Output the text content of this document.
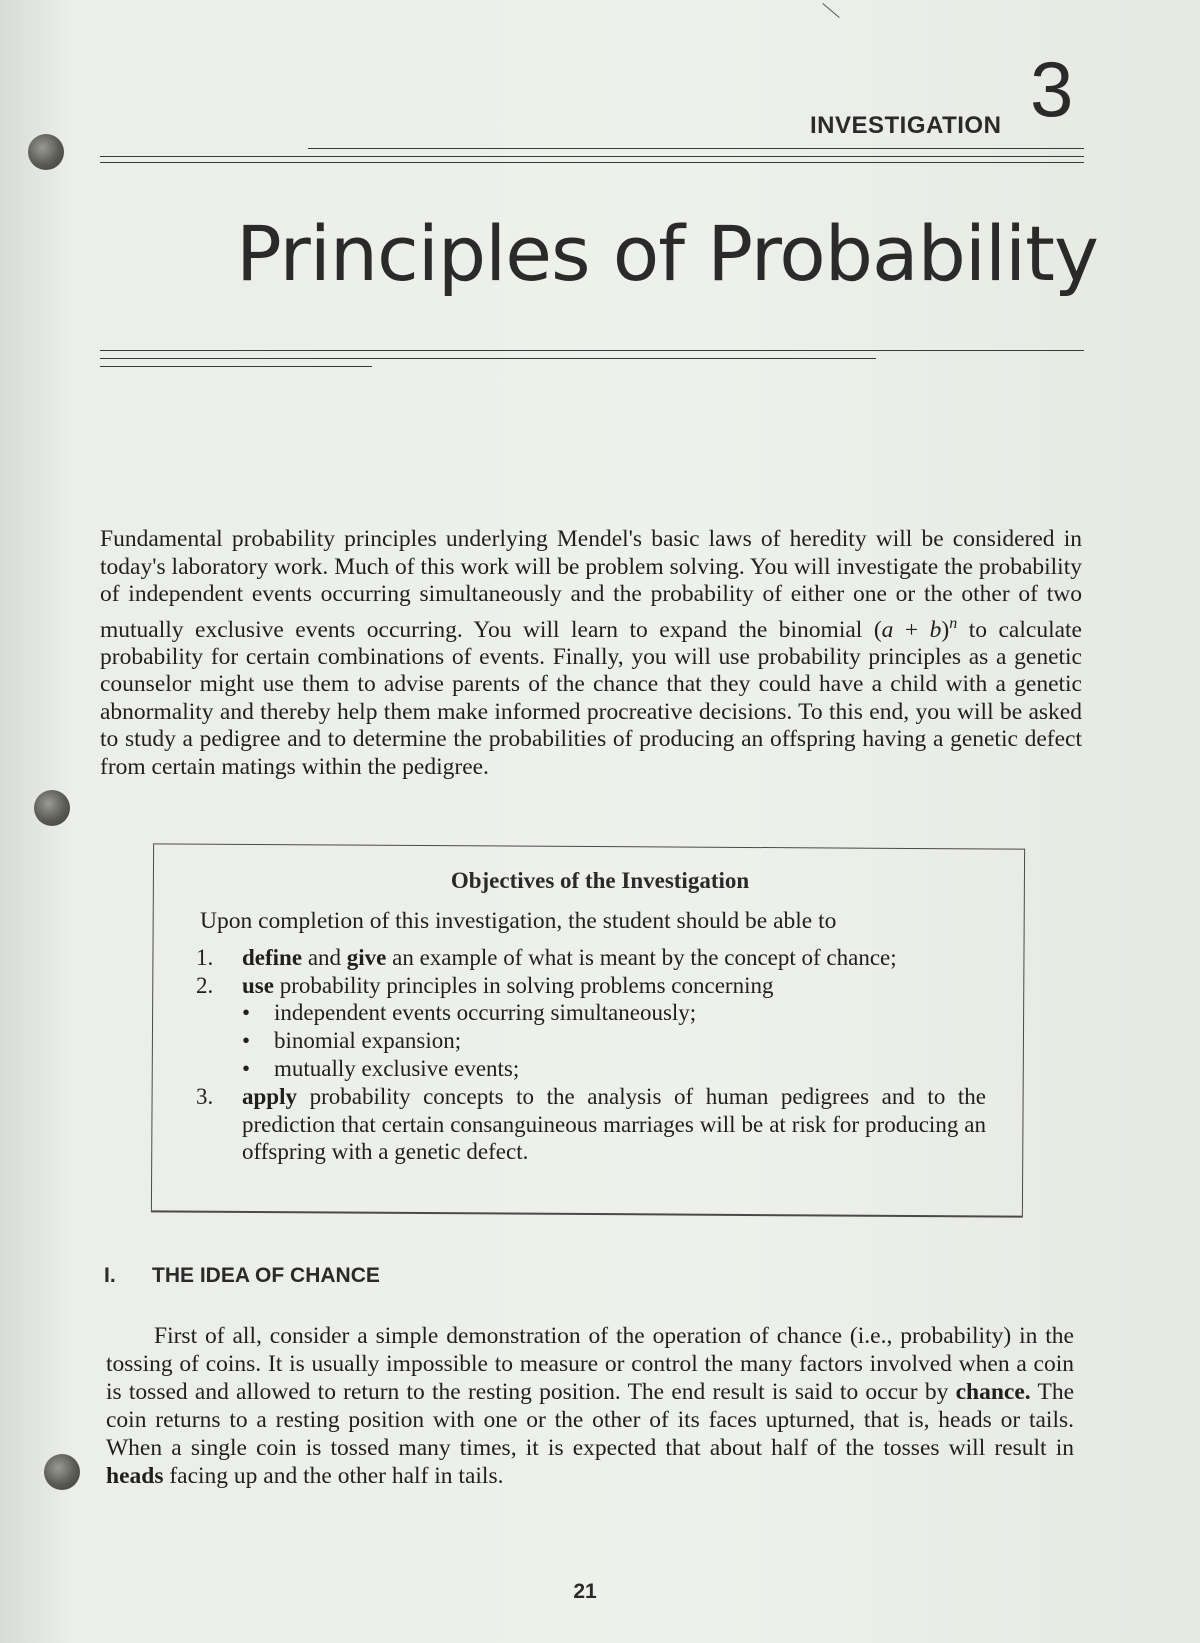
INVESTIGATION 3
Principles of Probability

Fundamental probability principles underlying Mendel's basic laws of heredity will be considered in today's laboratory work. Much of this work will be problem solving. You will investigate the probability of independent events occurring simultaneously and the probability of either one or the other of two mutually exclusive events occurring. You will learn to expand the binomial $(a + b)^n$ to calculate probability for certain combinations of events. Finally, you will use probability principles as a genetic counselor might use them to advise parents of the chance that they could have a child with a genetic abnormality and thereby help them make informed procreative decisions. To this end, you will be asked to study a pedigree and to determine the probabilities of producing an offspring having a genetic defect from certain matings within the pedigree.

Objectives of the Investigation
Upon completion of this investigation, the student should be able to
1. define and give an example of what is meant by the concept of chance;
2. use probability principles in solving problems concerning
• independent events occurring simultaneously;
• binomial expansion;
• mutually exclusive events;
3. apply probability concepts to the analysis of human pedigrees and to the prediction that certain consanguineous marriages will be at risk for producing an offspring with a genetic defect.
I. THE IDEA OF CHANCE

First of all, consider a simple demonstration of the operation of chance (i.e., probability) in the tossing of coins. It is usually impossible to measure or control the many factors involved when a coin is tossed and allowed to return to the resting position. The end result is said to occur by chance. The coin returns to a resting position with one or the other of its faces upturned, that is, heads or tails. When a single coin is tossed many times, it is expected that about half of the tosses will result in heads facing up and the other half in tails.

21
